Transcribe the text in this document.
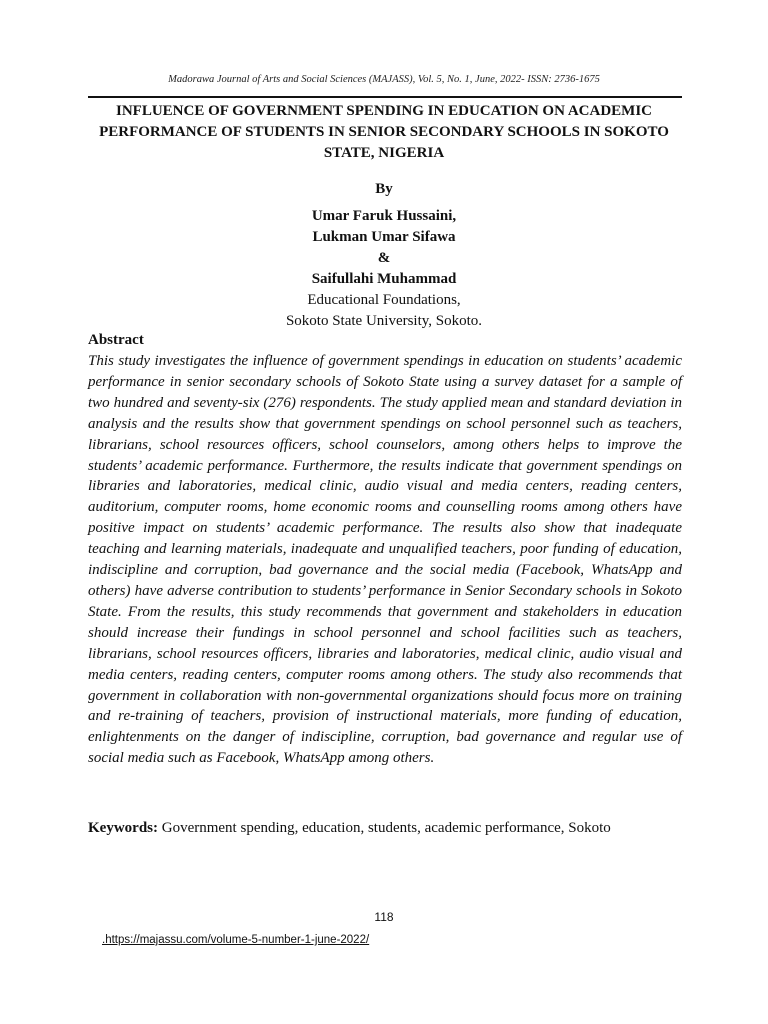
Madorawa Journal of Arts and Social Sciences (MAJASS), Vol. 5, No. 1, June, 2022- ISSN: 2736-1675
INFLUENCE OF GOVERNMENT SPENDING IN EDUCATION ON ACADEMIC PERFORMANCE OF STUDENTS IN SENIOR SECONDARY SCHOOLS IN SOKOTO STATE, NIGERIA
By
Umar Faruk Hussaini,
Lukman Umar Sifawa
&
Saifullahi Muhammad
Educational Foundations,
Sokoto State University, Sokoto.
Abstract

This study investigates the influence of government spendings in education on students’ academic performance in senior secondary schools of Sokoto State using a survey dataset for a sample of two hundred and seventy-six (276) respondents. The study applied mean and standard deviation in analysis and the results show that government spendings on school personnel such as teachers, librarians, school resources officers, school counselors, among others helps to improve the students’ academic performance. Furthermore, the results indicate that government spendings on libraries and laboratories, medical clinic, audio visual and media centers, reading centers, auditorium, computer rooms, home economic rooms and counselling rooms among others have positive impact on students’ academic performance. The results also show that inadequate teaching and learning materials, inadequate and unqualified teachers, poor funding of education, indiscipline and corruption, bad governance and the social media (Facebook, WhatsApp and others) have adverse contribution to students’ performance in Senior Secondary schools in Sokoto State. From the results, this study recommends that government and stakeholders in education should increase their fundings in school personnel and school facilities such as teachers, librarians, school resources officers, libraries and laboratories, medical clinic, audio visual and media centers, reading centers, computer rooms among others. The study also recommends that government in collaboration with non-governmental organizations should focus more on training and re-training of teachers, provision of instructional materials, more funding of education, enlightenments on the danger of indiscipline, corruption, bad governance and regular use of social media such as Facebook, WhatsApp among others.

Keywords: Government spending, education, students, academic performance, Sokoto
118
.https://majassu.com/volume-5-number-1-june-2022/
